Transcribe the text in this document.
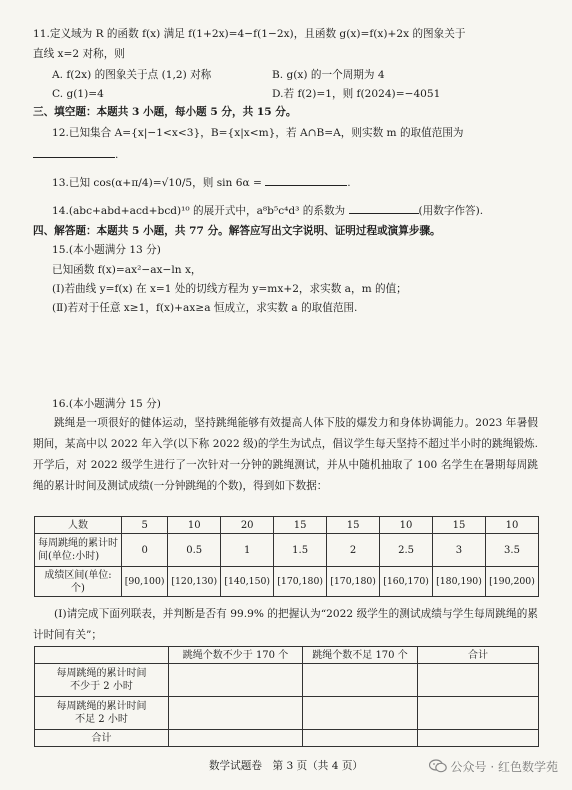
11.定义域为 R 的函数 f(x) 满足 f(1+2x)=4−f(1−2x)，且函数 g(x)=f(x)+2x 的图象关于
直线 x=2 对称，则
A. f(2x) 的图象关于点 (1,2) 对称	B. g(x) 的一个周期为 4
C. g(1)=4	D.若 f(2)=1，则 f(2024)=−4051
三、填空题：本题共 3 小题，每小题 5 分，共 15 分。
12.已知集合 A={x|−1<x<3}，B={x|x<m}，若 A∩B=A，则实数 m 的取值范围为
.
13.已知 cos(α+π/4)=√10/5，则 sin 6α =	.
14.(abc+abd+acd+bcd)¹⁰ 的展开式中，a⁸b⁵c⁴d³ 的系数为	(用数字作答).
四、解答题：本题共 5 小题，共 77 分。解答应写出文字说明、证明过程或演算步骤。
15.(本小题满分 13 分)
已知函数 f(x)=ax²−ax−ln x，
(Ⅰ)若曲线 y=f(x) 在 x=1 处的切线方程为 y=mx+2，求实数 a，m 的值；
(Ⅱ)若对于任意 x≥1，f(x)+ax≥a 恒成立，求实数 a 的取值范围.
16.(本小题满分 15 分)
跳绳是一项很好的健体运动，坚持跳绳能够有效提高人体下肢的爆发力和身体协调能力。2023 年暑假期间，某高中以 2022 年入学(以下称 2022 级)的学生为试点，倡议学生每天坚持不超过半小时的跳绳锻炼.开学后，对 2022 级学生进行了一次针对一分钟的跳绳测试，并从中随机抽取了 100 名学生在暑期每周跳绳的累计时间及测试成绩(一分钟跳绳的个数)，得到如下数据：
人数	5	10	20	15	15	10	15	10
每周跳绳的累计时间(单位:小时)	0	0.5	1	1.5	2	2.5	3	3.5
成绩区间(单位:个)	[90,100)	[120,130)	[140,150)	[170,180)	[170,180)	[160,170)	[180,190)	[190,200)
(Ⅰ)请完成下面列联表，并判断是否有 99.9% 的把握认为“2022 级学生的测试成绩与学生每周跳绳的累计时间有关”；
	跳绳个数不少于 170 个	跳绳个数不足 170 个	合计

每周跳绳的累计时间
不少于 2 小时			

每周跳绳的累计时间
不足 2 小时			

合计			
数学试题卷　第 3 页（共 4 页）	公众号 · 红色数学苑
